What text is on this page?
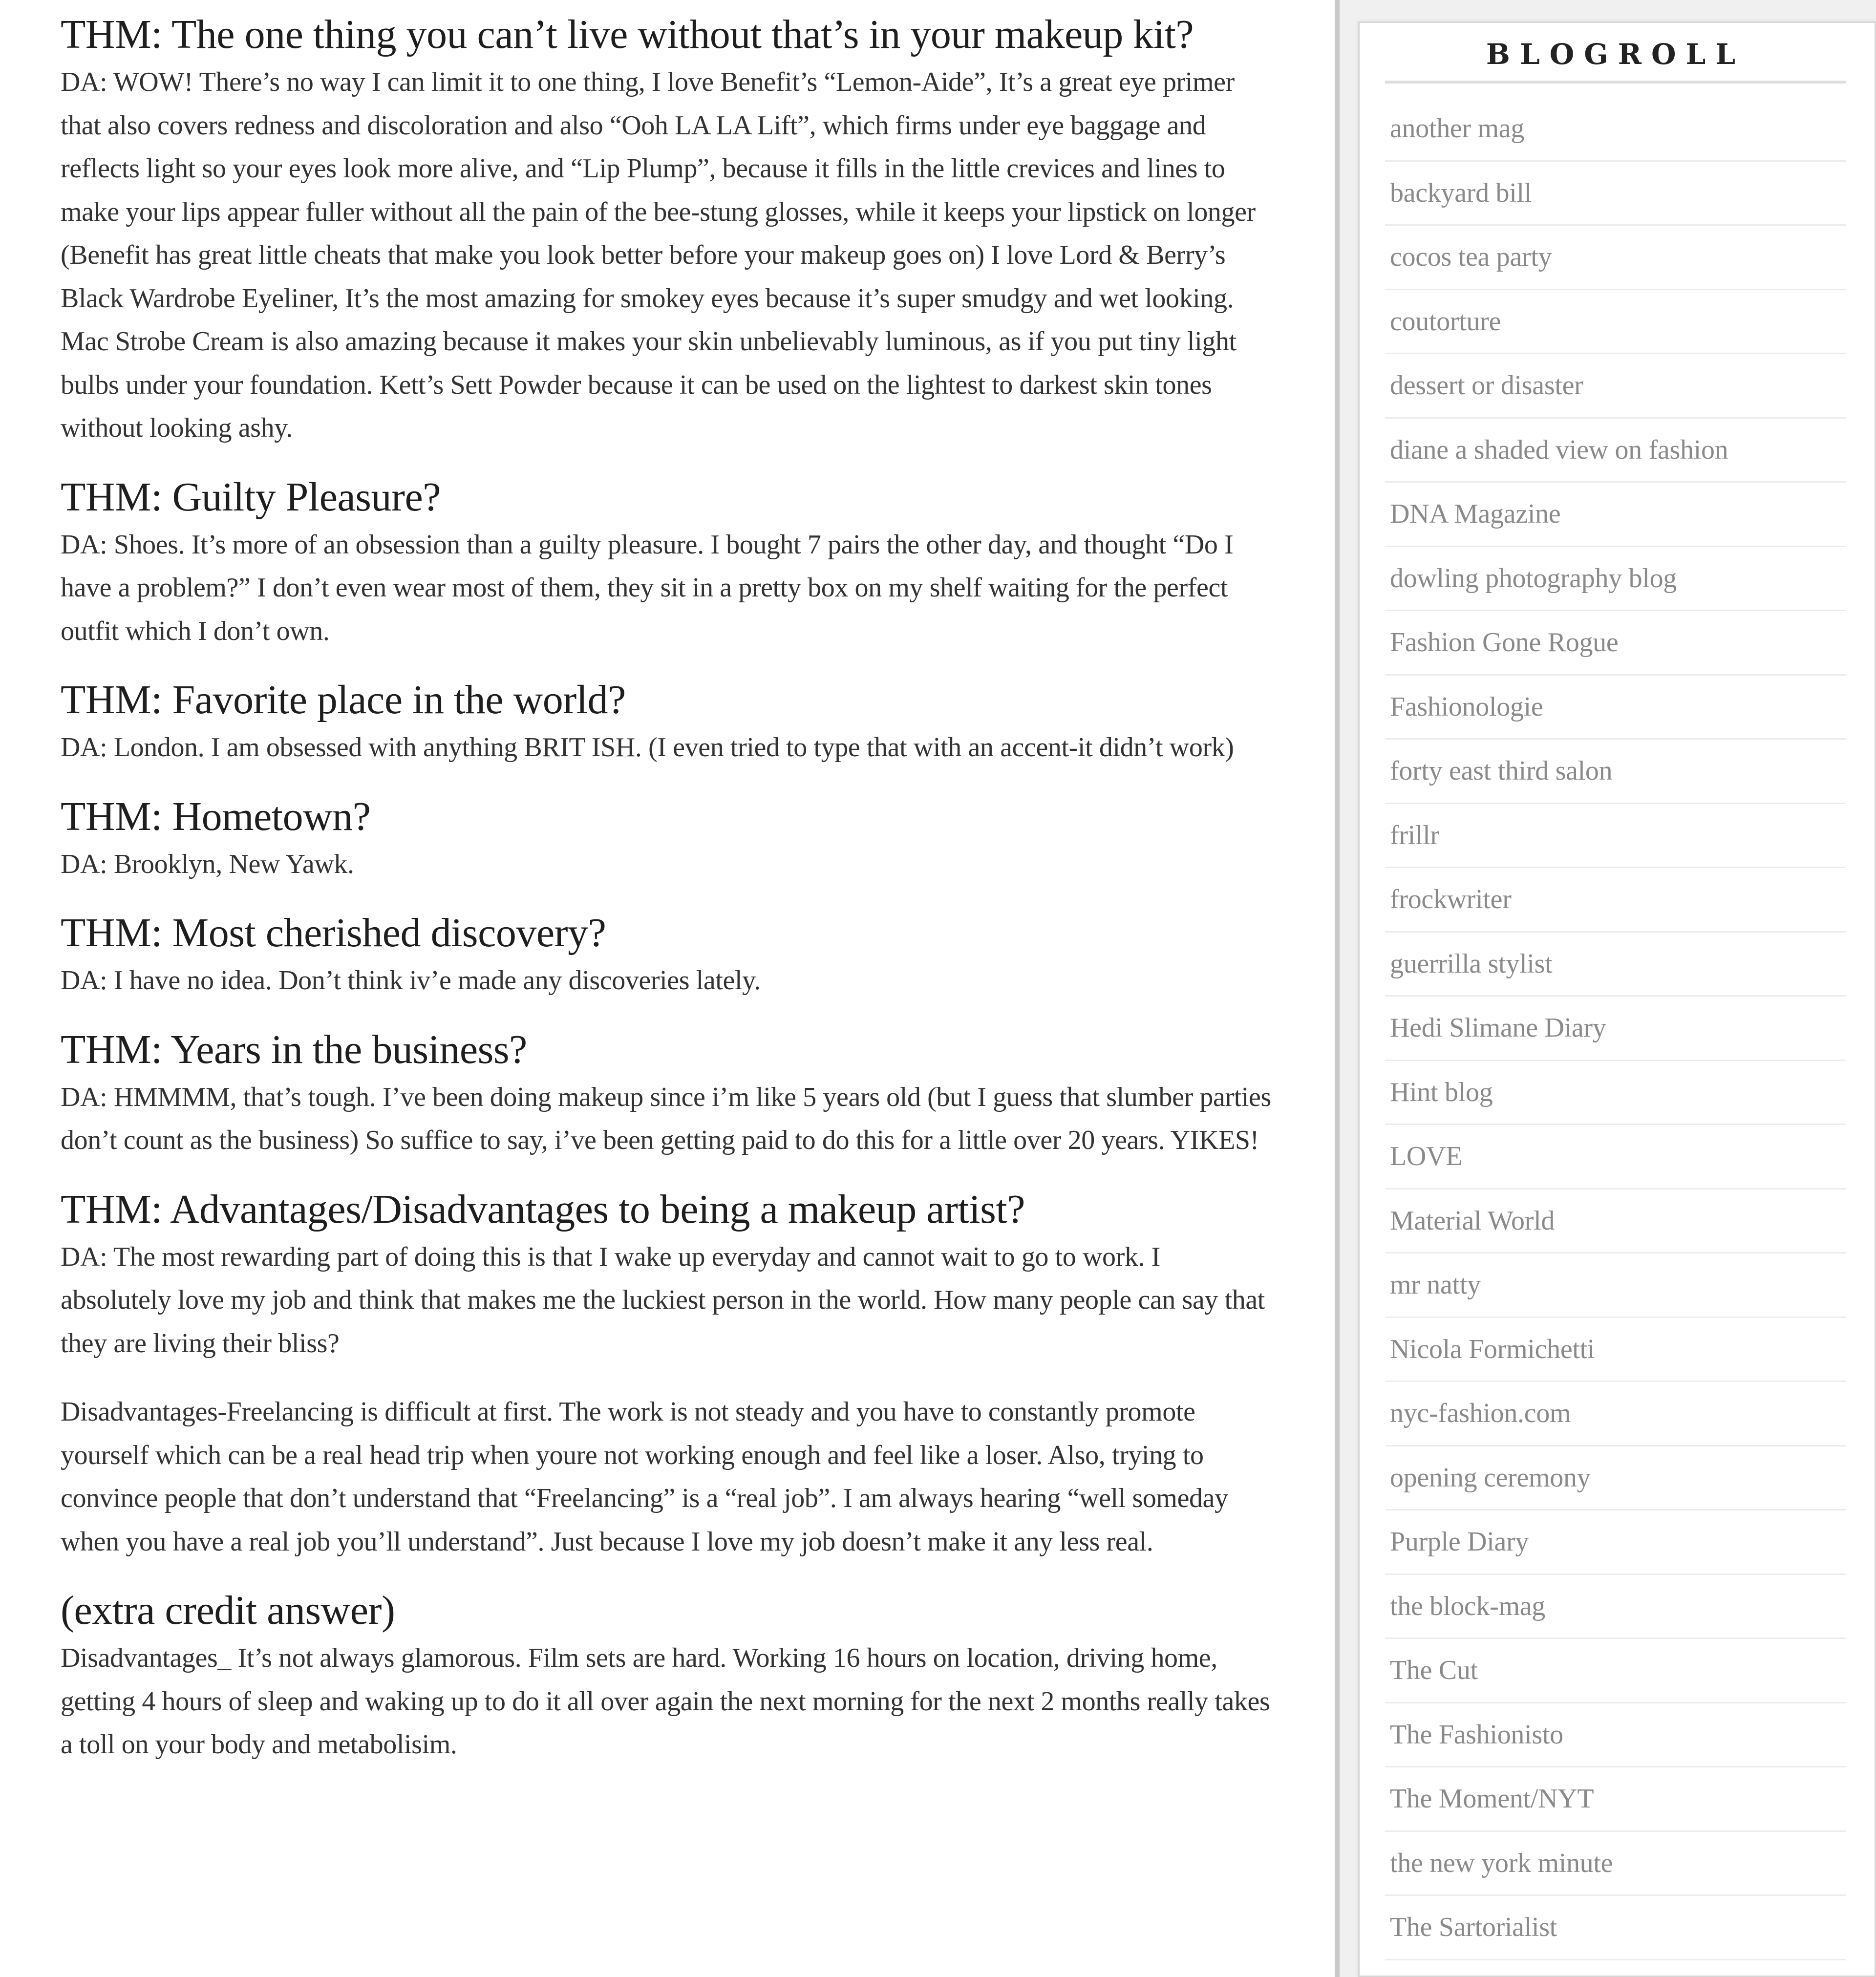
THM: The one thing you can’t live without that’s in your makeup kit?

DA: WOW! There’s no way I can limit it to one thing, I love Benefit’s “Lemon-Aide”, It’s a great eye primer that also covers redness and discoloration and also “Ooh LA LA Lift”, which firms under eye baggage and reflects light so your eyes look more alive, and “Lip Plump”, because it fills in the little crevices and lines to make your lips appear fuller without all the pain of the bee-stung glosses, while it keeps your lipstick on longer (Benefit has great little cheats that make you look better before your makeup goes on) I love Lord & Berry’s Black Wardrobe Eyeliner, It’s the most amazing for smokey eyes because it’s super smudgy and wet looking. Mac Strobe Cream is also amazing because it makes your skin unbelievably luminous, as if you put tiny light bulbs under your foundation. Kett’s Sett Powder because it can be used on the lightest to darkest skin tones without looking ashy.

THM: Guilty Pleasure?

DA: Shoes. It’s more of an obsession than a guilty pleasure. I bought 7 pairs the other day, and thought “Do I have a problem?” I don’t even wear most of them, they sit in a pretty box on my shelf waiting for the perfect outfit which I don’t own.

THM: Favorite place in the world?

DA: London. I am obsessed with anything BRIT ISH. (I even tried to type that with an accent-it didn’t work)

THM: Hometown?

DA: Brooklyn, New Yawk.

THM: Most cherished discovery?

DA: I have no idea. Don’t think iv’e made any discoveries lately.

THM: Years in the business?

DA: HMMMM, that’s tough. I’ve been doing makeup since i’m like 5 years old (but I guess that slumber parties don’t count as the business) So suffice to say, i’ve been getting paid to do this for a little over 20 years. YIKES!

THM: Advantages/Disadvantages to being a makeup artist?

DA: The most rewarding part of doing this is that I wake up everyday and cannot wait to go to work. I absolutely love my job and think that makes me the luckiest person in the world. How many people can say that they are living their bliss?

Disadvantages-Freelancing is difficult at first. The work is not steady and you have to constantly promote yourself which can be a real head trip when youre not working enough and feel like a loser. Also, trying to convince people that don’t understand that “Freelancing” is a “real job”. I am always hearing “well someday when you have a real job you’ll understand”. Just because I love my job doesn’t make it any less real.

(extra credit answer)

Disadvantages_ It’s not always glamorous. Film sets are hard. Working 16 hours on location, driving home, getting 4 hours of sleep and waking up to do it all over again the next morning for the next 2 months really takes a toll on your body and metabolisim.

BLOGROLL
another mag
backyard bill
cocos tea party
coutorture
dessert or disaster
diane a shaded view on fashion
DNA Magazine
dowling photography blog
Fashion Gone Rogue
Fashionologie
forty east third salon
frillr
frockwriter
guerrilla stylist
Hedi Slimane Diary
Hint blog
LOVE
Material World
mr natty
Nicola Formichetti
nyc-fashion.com
opening ceremony
Purple Diary
the block-mag
The Cut
The Fashionisto
The Moment/NYT
the new york minute
The Sartorialist
